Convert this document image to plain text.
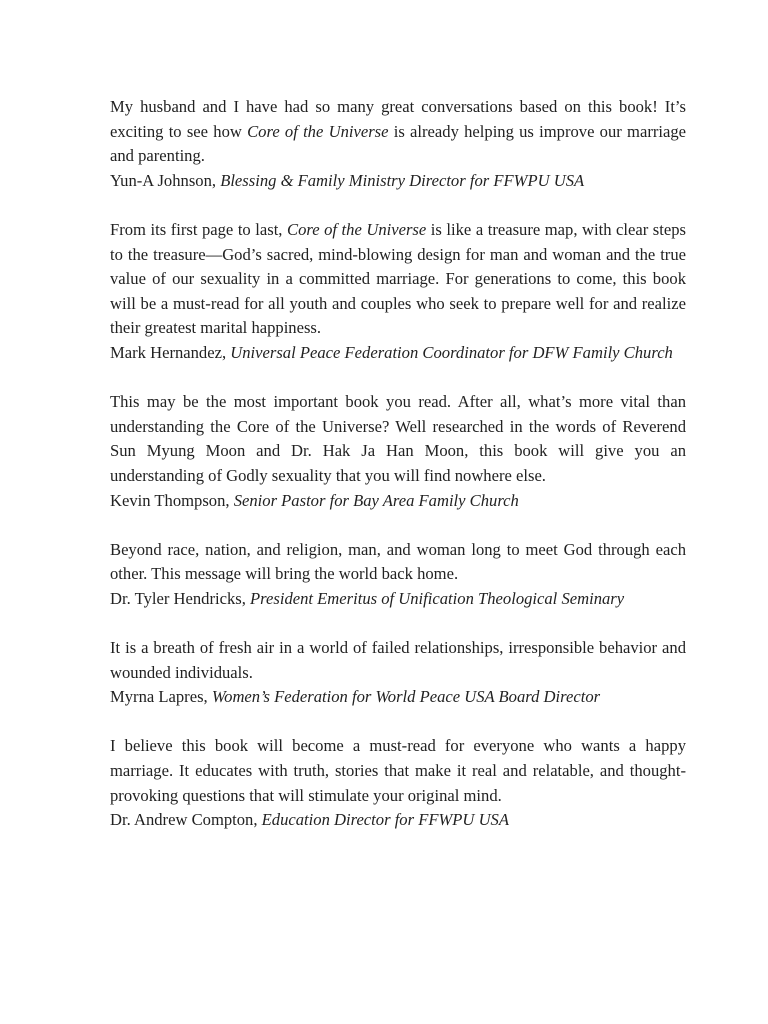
My husband and I have had so many great conversations based on this book! It’s exciting to see how Core of the Universe is already helping us improve our marriage and parenting.

Yun-A Johnson, Blessing & Family Ministry Director for FFWPU USA

From its first page to last, Core of the Universe is like a treasure map, with clear steps to the treasure—God’s sacred, mind-blowing design for man and woman and the true value of our sexuality in a committed marriage. For generations to come, this book will be a must-read for all youth and couples who seek to prepare well for and realize their greatest marital happiness.

Mark Hernandez, Universal Peace Federation Coordinator for DFW Family Church

This may be the most important book you read. After all, what’s more vital than understanding the Core of the Universe? Well researched in the words of Reverend Sun Myung Moon and Dr. Hak Ja Han Moon, this book will give you an understanding of Godly sexuality that you will find nowhere else.

Kevin Thompson, Senior Pastor for Bay Area Family Church

Beyond race, nation, and religion, man, and woman long to meet God through each other. This message will bring the world back home.

Dr. Tyler Hendricks, President Emeritus of Unification Theological Seminary

It is a breath of fresh air in a world of failed relationships, irresponsible behavior and wounded individuals.

Myrna Lapres, Women’s Federation for World Peace USA Board Director

I believe this book will become a must-read for everyone who wants a happy marriage. It educates with truth, stories that make it real and relatable, and thought-provoking questions that will stimulate your original mind.

Dr. Andrew Compton, Education Director for FFWPU USA
